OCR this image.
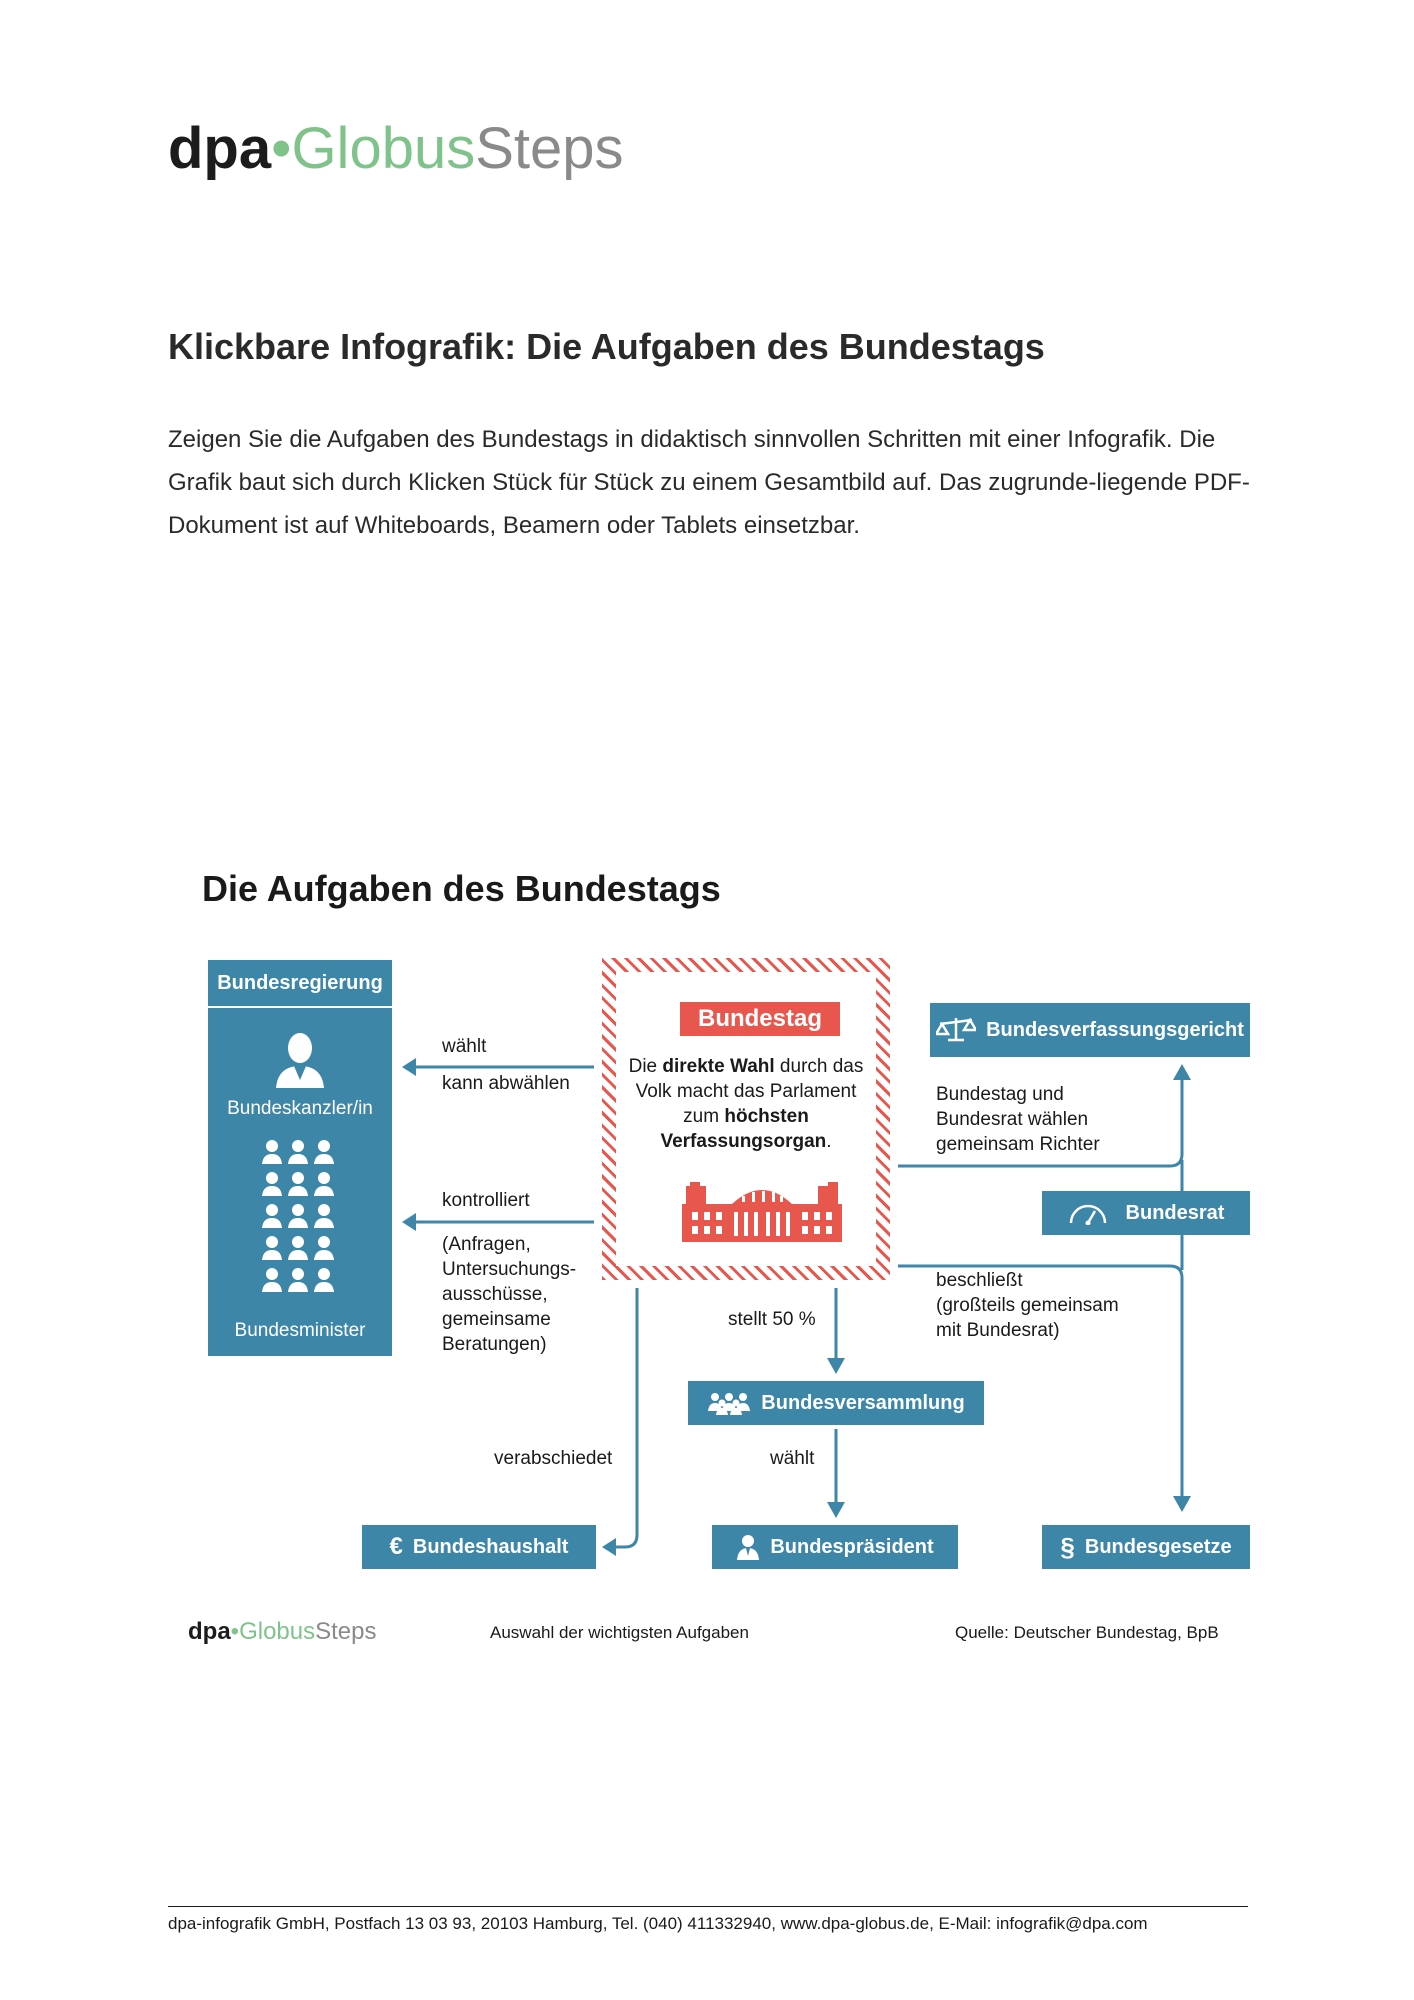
dpa•GlobusSteps
Klickbare Infografik: Die Aufgaben des Bundestags
Zeigen Sie die Aufgaben des Bundestags in didaktisch sinnvollen Schritten mit einer Infografik. Die Grafik baut sich durch Klicken Stück für Stück zu einem Gesamtbild auf. Das zugrunde-liegende PDF-Dokument ist auf Whiteboards, Beamern oder Tablets einsetzbar.
Die Aufgaben des Bundestags
Bundesregierung
Bundeskanzler/in
Bundesminister
Bundestag
Die direkte Wahl durch das Volk macht das Parlament zum höchsten Verfassungsorgan.
Bundesverfassungsgericht
Bundesrat
Bundesversammlung
€ Bundeshaushalt	Bundespräsident	§ Bundesgesetze
wählt
kann abwählen
kontrolliert
(Anfragen,
Untersuchungs-
ausschüsse,
gemeinsame
Beratungen)
Bundestag und
Bundesrat wählen
gemeinsam Richter
beschließt
(großteils gemeinsam
mit Bundesrat)
stellt 50 %
verabschiedet	wählt
dpa•GlobusSteps	Auswahl der wichtigsten Aufgaben	Quelle: Deutscher Bundestag, BpB
dpa-infografik GmbH, Postfach 13 03 93, 20103 Hamburg, Tel. (040) 411332940, www.dpa-globus.de, E-Mail: infografik@dpa.com
